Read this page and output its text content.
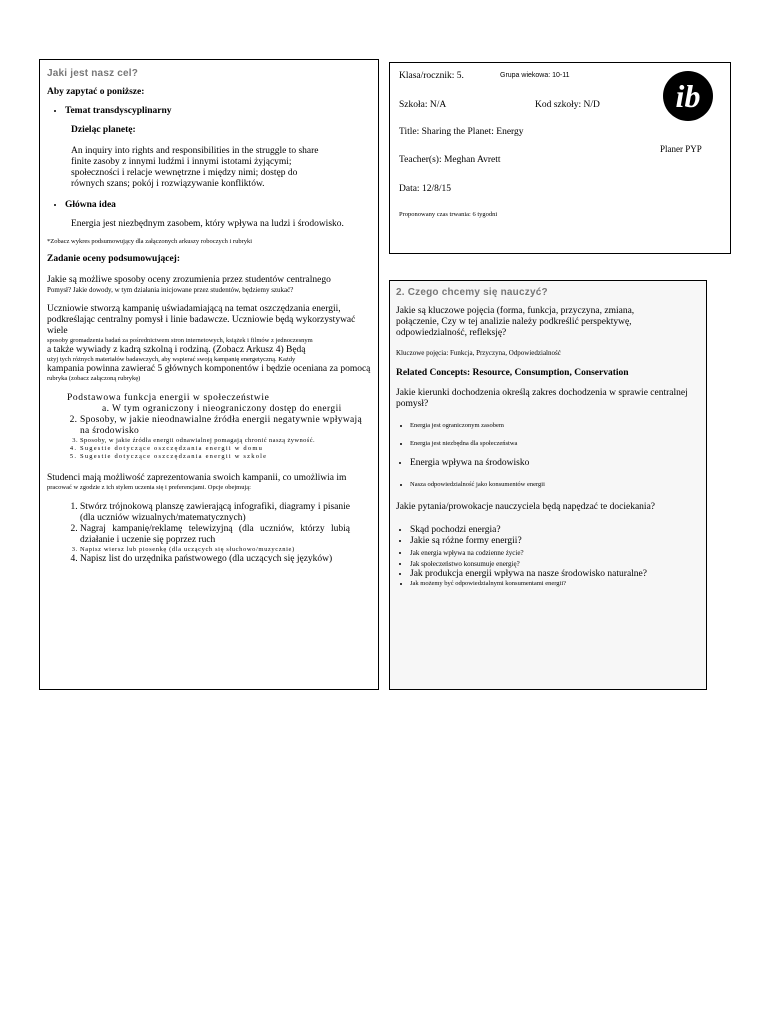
Jaki jest nasz cel?

Aby zapytać o poniższe:

• Temat transdyscyplinarny

Dzieląc planetę:

An inquiry into rights and responsibilities in the struggle to share finite zasoby z innymi ludźmi i innymi istotami żyjącymi; społeczności i relacje wewnętrzne i między nimi; dostęp do równych szans; pokój i rozwiązywanie konfliktów.

• Główna idea

Energia jest niezbędnym zasobem, który wpływa na ludzi i środowisko.

*Zobacz wykres podsumowujący dla załączonych arkuszy roboczych i rubryki

Zadanie oceny podsumowującej:

Jakie są możliwe sposoby oceny zrozumienia przez studentów centralnego

Pomysł? Jakie dowody, w tym działania inicjowane przez studentów, będziemy szukać?

Uczniowie stworzą kampanię uświadamiającą na temat oszczędzania energii, podkreślając centralny pomysł i linie badawcze. Uczniowie będą wykorzystywać wiele

sposoby gromadzenia badań za pośrednictwem stron internetowych, książek i filmów z jednoczesnym

a także wywiady z kadrą szkolną i rodziną. (Zobacz Arkusz 4) Będą

użyj tych różnych materiałów badawczych, aby wspierać swoją kampanię energetyczną. Każdy

kampania powinna zawierać 5 głównych komponentów i będzie oceniana za pomocą

rubryka (zobacz załączoną rubrykę)

Podstawowa funkcja energii w społeczeństwie

a. W tym ograniczony i nieograniczony dostęp do energii

2. Sposoby, w jakie nieodnawialne źródła energii negatywnie wpływają na środowisko
3. Sposoby, w jakie źródła energii odnawialnej pomagają chronić naszą żywność.
4. Sugestie dotyczące oszczędzania energii w domu
5. Sugestie dotyczące oszczędzania energii w szkole

Studenci mają możliwość zaprezentowania swoich kampanii, co umożliwia im

pracować w zgodzie z ich stylem uczenia się i preferencjami. Opcje obejmują:

1. Stwórz trójnokową planszę zawierającą infografiki, diagramy i pisanie (dla uczniów wizualnych/matematycznych)
2. Nagraj kampanię/reklamę telewizyjną (dla uczniów, którzy lubią działanie i uczenie się poprzez ruch
3. Napisz wiersz lub piosenkę (dla uczących się słuchowo/muzycznie)
4. Napisz list do urzędnika państwowego (dla uczących się języków)
Klasa/rocznik: 5.	Grupa wiekowa: 10-11
Szkoła: N/A	Kod szkoły: N/D
Title: Sharing the Planet: Energy
Teacher(s): Meghan Avrett
Data: 12/8/15
Proponowany czas trwania: 6 tygodni
ib
Planer PYP
2. Czego chcemy się nauczyć?

Jakie są kluczowe pojęcia (forma, funkcja, przyczyna, zmiana, połączenie, Czy w tej analizie należy podkreślić perspektywę, odpowiedzialność, refleksję?

Kluczowe pojęcia: Funkcja, Przyczyna, Odpowiedzialność

Related Concepts: Resource, Consumption, Conservation

Jakie kierunki dochodzenia określą zakres dochodzenia w sprawie centralnej pomysł?

• Energia jest ograniczonym zasobem
• Energia jest niezbędna dla społeczeństwa
• Energia wpływa na środowisko
• Nasza odpowiedzialność jako konsumentów energii

Jakie pytania/prowokacje nauczyciela będą napędzać te dociekania?

• Skąd pochodzi energia?
• Jakie są różne formy energii?
• Jak energia wpływa na codzienne życie?
• Jak społeczeństwo konsumuje energię?
• Jak produkcja energii wpływa na nasze środowisko naturalne?
• Jak możemy być odpowiedzialnymi konsumentami energii?
